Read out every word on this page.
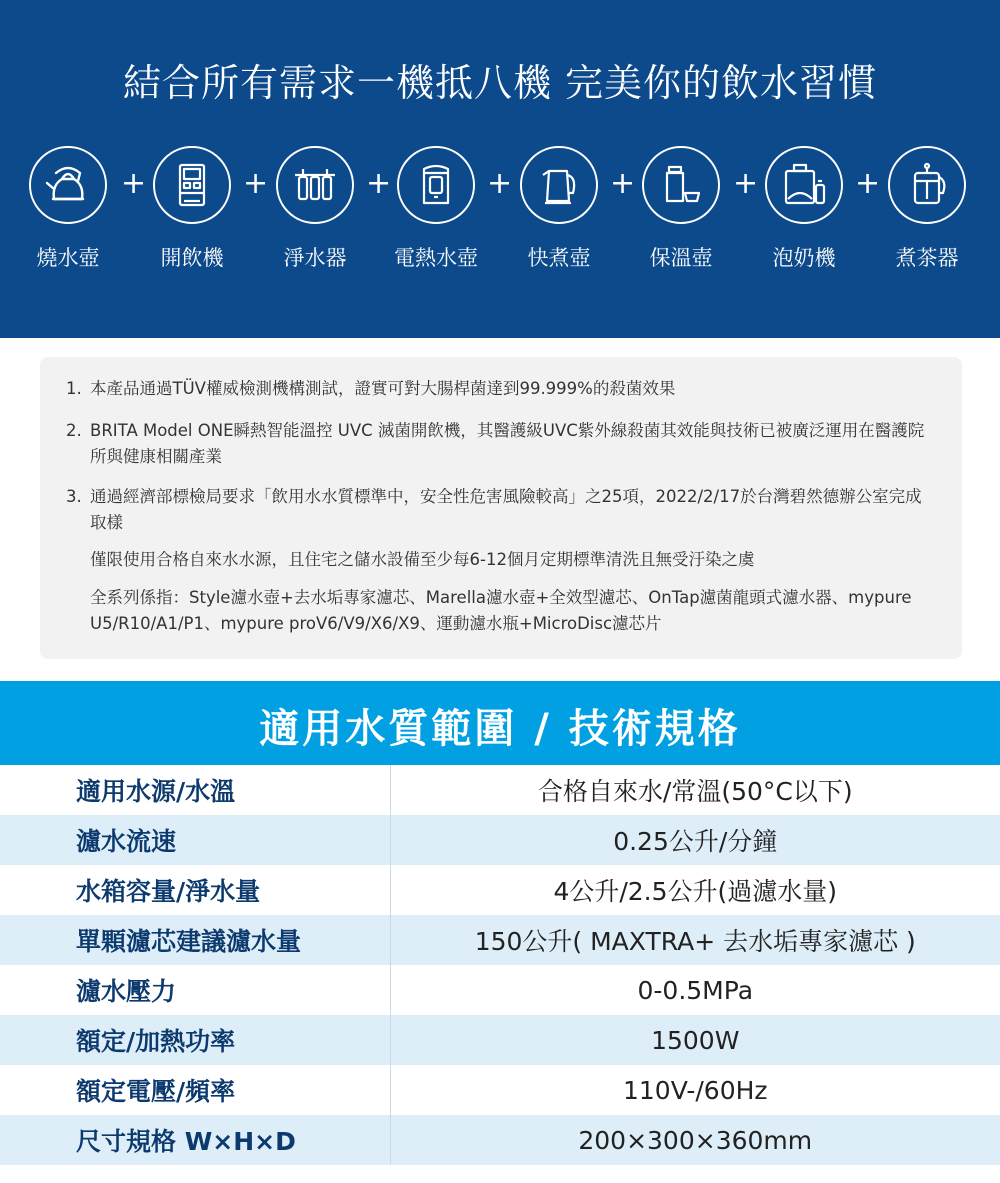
結合所有需求一機抵八機 完美你的飲水習慣
+	+	+	+	+	+	+
燒水壺	開飲機	淨水器	電熱水壺	快煮壺	保溫壺	泡奶機	煮茶器
1. 本產品通過TÜV權威檢測機構測試，證實可對大腸桿菌達到99.999%的殺菌效果
2. BRITA Model ONE瞬熱智能溫控 UVC 滅菌開飲機，其醫護級UVC紫外線殺菌其效能與技術已被廣泛運用在醫護院所與健康相關產業
3. 通過經濟部標檢局要求「飲用水水質標準中，安全性危害風險較高」之25項，2022/2/17於台灣碧然德辦公室完成取樣
僅限使用合格自來水水源，且住宅之儲水設備至少每6-12個月定期標準清洗且無受汙染之虞
全系列係指：Style濾水壺+去水垢專家濾芯、Marella濾水壺+全效型濾芯、OnTap濾菌龍頭式濾水器、mypure U5/R10/A1/P1、mypure proV6/V9/X6/X9、運動濾水瓶+MicroDisc濾芯片
適用水質範圍 / 技術規格
適用水源/水溫	合格自來水/常溫(50°C以下)
濾水流速	0.25公升/分鐘
水箱容量/淨水量	4公升/2.5公升(過濾水量)
單顆濾芯建議濾水量	150公升( MAXTRA+ 去水垢專家濾芯 )
濾水壓力	0-0.5MPa
額定/加熱功率	1500W
額定電壓/頻率	110V-/60Hz
尺寸規格 W×H×D	200×300×360mm
